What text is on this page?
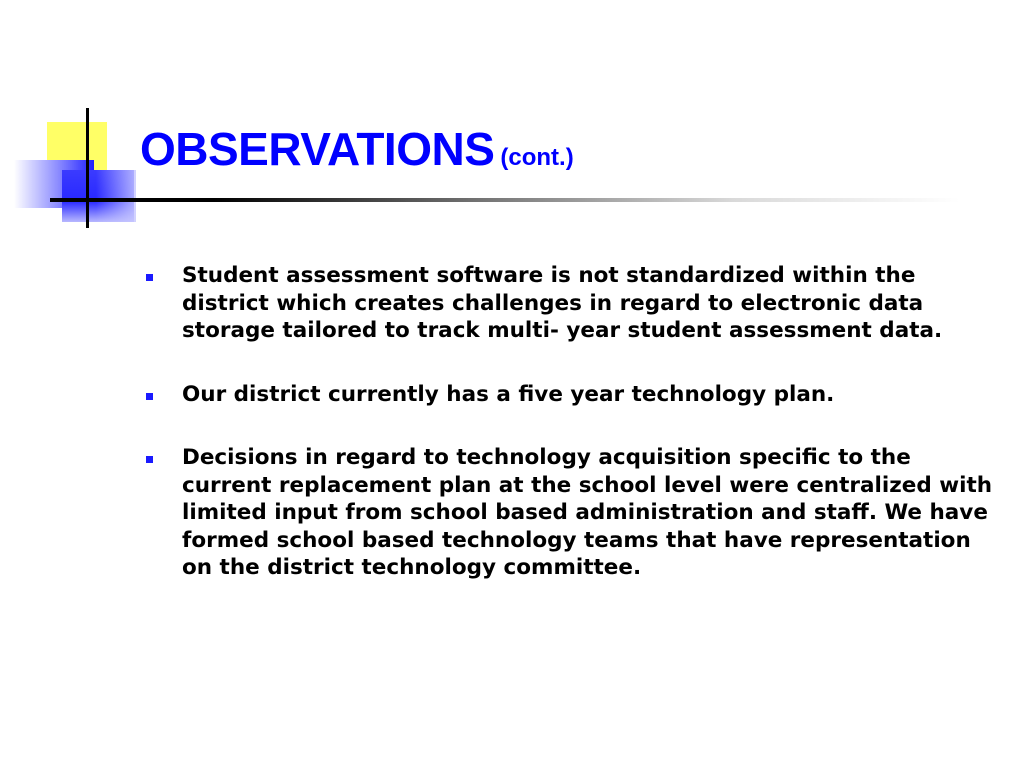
OBSERVATIONS (cont.)
Student assessment software is not standardized within the district which creates challenges in regard to electronic data storage tailored to track multi- year student assessment data.
Our district currently has a five year technology plan.
Decisions in regard to technology acquisition specific to the current replacement plan at the school level were centralized with limited input from school based administration and staff. We have formed school based technology teams that have representation on the district technology committee.
